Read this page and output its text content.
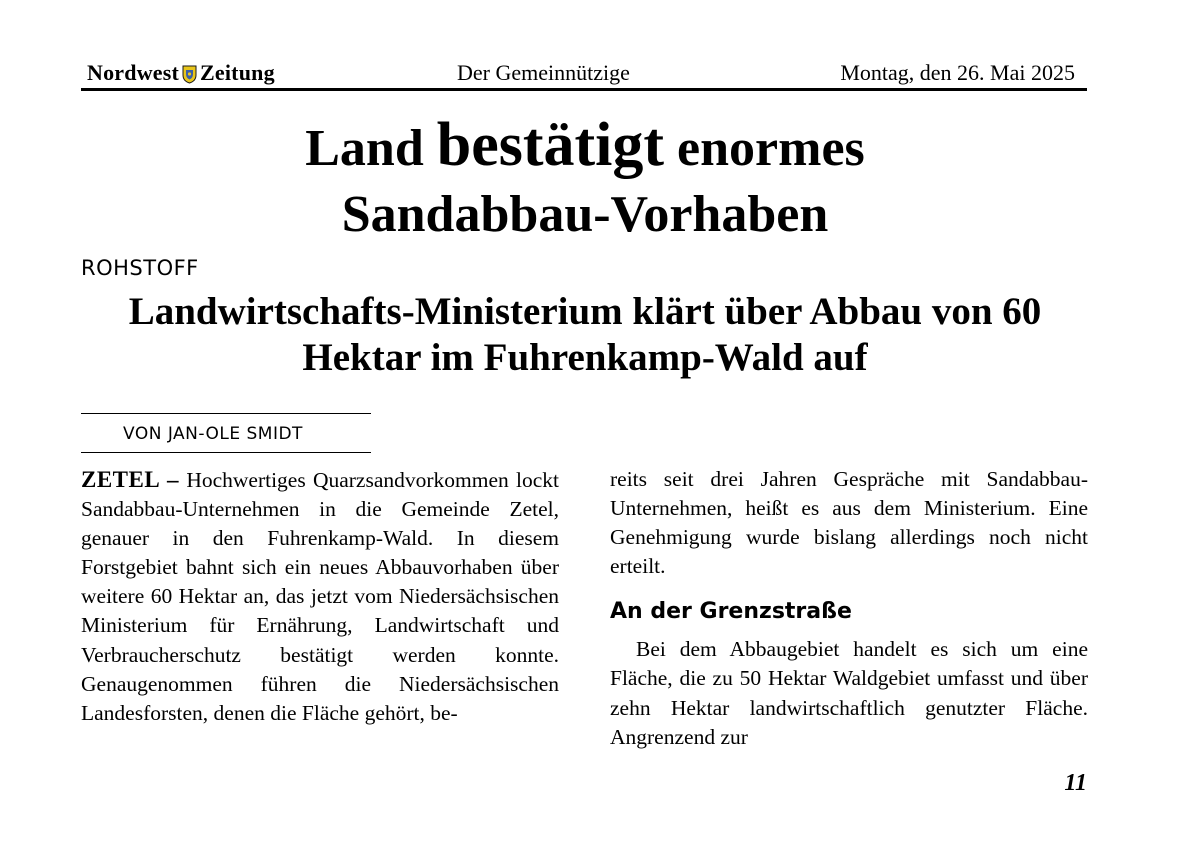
Nordwest Zeitung	Der Gemeinnützige	Montag, den 26. Mai 2025
Land bestätigt enormes
Sandabbau-Vorhaben
ROHSTOFF
Landwirtschafts-Ministerium klärt über Abbau von 60 Hektar im Fuhrenkamp-Wald auf
VON JAN-OLE SMIDT

ZETEL – Hochwertiges Quarzsandvorkommen lockt Sandabbau-Unternehmen in die Gemeinde Zetel, genauer in den Fuhrenkamp-Wald. In diesem Forstgebiet bahnt sich ein neues Abbauvorhaben über weitere 60 Hektar an, das jetzt vom Niedersächsischen Ministerium für Ernährung, Landwirtschaft und Verbraucherschutz bestätigt werden konnte. Genaugenommen führen die Niedersächsischen Landesforsten, denen die Fläche gehört, be-

reits seit drei Jahren Gespräche mit Sandabbau-Unternehmen, heißt es aus dem Ministerium. Eine Genehmigung wurde bislang allerdings noch nicht erteilt.

An der Grenzstraße

Bei dem Abbaugebiet handelt es sich um eine Fläche, die zu 50 Hektar Waldgebiet umfasst und über zehn Hektar landwirtschaftlich genutzter Fläche. Angrenzend zur

11
